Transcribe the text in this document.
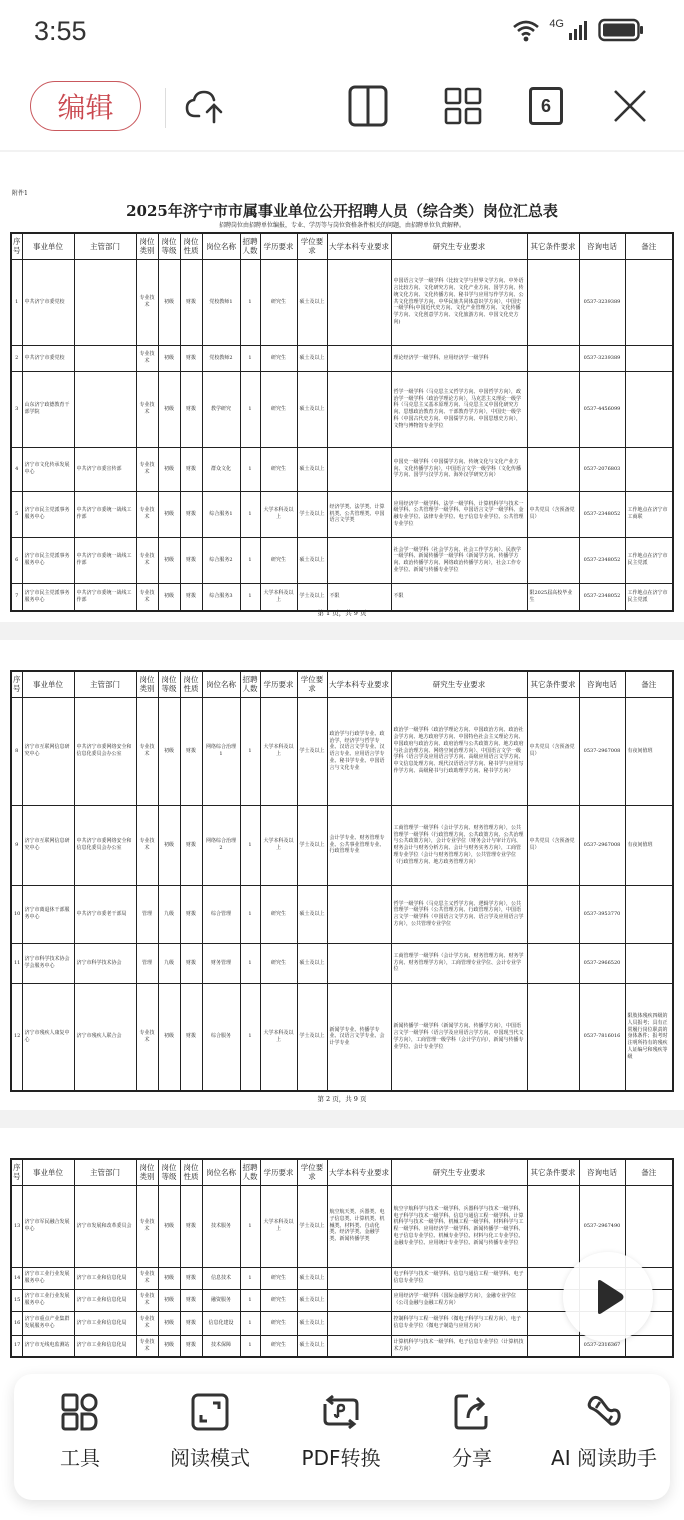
3:55	4G
编辑	6
附件1
2025年济宁市市属事业单位公开招聘人员（综合类）岗位汇总表
招聘岗位由招聘单位编报，专业、学历等与岗位资格条件相关的问题，由招聘单位负责解释。
序号	事业单位	主管部门	岗位类别	岗位等级	岗位性质	岗位名称	招聘人数	学历要求	学位要求	大学本科专业要求	研究生专业要求	其它条件要求	咨询电话	备注
1	中共济宁市委党校		专业技术	初级	财拨	党校教师1	1	研究生	硕士及以上		中国语言文学一级学科（比较文学与世界文学方向、中外语言比较方向、文化研究方向、文化产业方向、国学方向、传统文化方向、文化传播方向、秘书学与应用写作学方向、公共文化管理学方向、中华民族共同体意识学方向），中国史一级学科(中国近代史方向、文化产业管理方向、文化传播学方向、文化创意学方向、文化旅游方向、中国文化史方向)		0537-3239389	
2	中共济宁市委党校		专业技术	初级	财拨	党校教师2	1	研究生	硕士及以上		理论经济学一级学科、应用经济学一级学科		0537-3239389	
3	山东济宁政德教育干部学院		专业技术	初级	财拨	教学研究	1	研究生	硕士及以上		哲学一级学科（马克思主义哲学方向、中国哲学方向），政治学一级学科（政治学理论方向），马克思主义理论一级学科（马克思主义基本原理方向、马克思主义中国化研究方向、思想政治教育方向、干部教育学方向），中国史一级学科（中国古代史方向、中国儒学方向、中国思想史方向），文物与博物馆专业学位		0537-4456099	
4	济宁市文化传承发展中心	中共济宁市委宣传部	专业技术	初级	财拨	群众文化	1	研究生	硕士及以上		中国史一级学科（中国儒学方向、传统文化与文化产业方向、文化传播学方向），中国语言文学一级学科（文化传播学方向、国学与汉学方向、海外汉学研究方向）		0537-2076803	
5	济宁市民主党派事务服务中心	中共济宁市委统一战线工作部	专业技术	初级	财拨	综合服务1	1	大学本科及以上	学士及以上	经济学类、法学类、计算机类、公共管理类、中国语言文学类	应用经济学一级学科、法学一级学科、计算机科学与技术一级学科、公共管理学一级学科、中国语言文学一级学科、金融专业学位、法律专业学位、电子信息专业学位、公共管理专业学位	中共党员（含预备党员）	0537-2348052	工作地点在济宁市工商联
6	济宁市民主党派事务服务中心	中共济宁市委统一战线工作部	专业技术	初级	财拨	综合服务2	1	研究生	硕士及以上		社会学一级学科（社会学方向、社会工作学方向）、民族学一级学科、新闻传播学一级学科（新闻学方向、传播学方向、政治传播学方向、网络政治传播学方向），社会工作专业学位、新闻与传播专业学位		0537-2348052	工作地点在济宁市民主党派
7	济宁市民主党派事务服务中心	中共济宁市委统一战线工作部	专业技术	初级	财拨	综合服务3	1	大学本科及以上	学士及以上	不限	不限	限2025届高校毕业生	0537-2348052	工作地点在济宁市民主党派
第 1 页，共 9 页
序号	事业单位	主管部门	岗位类别	岗位等级	岗位性质	岗位名称	招聘人数	学历要求	学位要求	大学本科专业要求	研究生专业要求	其它条件要求	咨询电话	备注
8	济宁市互联网信息研究中心	中共济宁市委网络安全和信息化委员会办公室	专业技术	初级	财拨	网络综合治理1	1	大学本科及以上	学士及以上	政治学与行政学专业、政治学、经济学与哲学专业、汉语言文学专业、汉语言专业、应用语言学专业、秘书学专业、中国语言与文化专业	政治学一级学科（政治学理论方向、中国政治方向、政治社会学方向、地方政府学方向、中国特色社会主义理论方向、中国政府与政治方向、政府治理与公共政策方向、地方政府与社会治理方向、网络空间治理方向）、中国语言文学一级学科（语言学及应用语言学方向、高级应用语言文学方向、中文信息处理方向、现代汉语语言学方向、秘书学与应用写作学方向、高级秘书与行政助理学方向、秘书学方向）	中共党员（含预备党员）	0537-2967008	有夜间值班
9	济宁市互联网信息研究中心	中共济宁市委网络安全和信息化委员会办公室	专业技术	初级	财拨	网络综合治理2	1	大学本科及以上	学士及以上	会计学专业、财务管理专业、公共事业管理专业、行政管理专业	工商管理学一级学科（会计学方向、财务管理方向），公共管理学一级学科（行政管理方向、公共政策方向、公共治理与公共政策方向），会计专业学位（财务会计与审计方向、财务会计与财务分析方向、会计与财务实务方向），工商管理专业学位（会计与财务管理方向），公共管理专业学位（行政管理方向、地方政务管理方向）	中共党员（含预备党员）	0537-2967008	有夜间值班
10	济宁市离退休干部服务中心	中共济宁市委老干部局	管理	九级	财拨	综合管理	1	研究生	硕士及以上		哲学一级学科（马克思主义哲学方向、逻辑学方向），公共管理学一级学科（公共管理方向、行政管理方向），中国语言文学一级学科（中国语言文学方向、语言学及应用语言学方向），公共管理专业学位		0537-3953770	
11	济宁市科学技术协会学会服务中心	济宁市科学技术协会	管理	九级	财拨	财务管理	1	研究生	硕士及以上		工商管理学一级学科（会计学方向、财务管理方向、财务学方向、财务管理学方向），工商管理专业学位、会计专业学位		0537-2966520	
12	济宁市残疾人康复中心	济宁市残疾人联合会	专业技术	初级	财拨	综合服务	1	大学本科及以上	学士及以上	新闻学专业、传播学专业、汉语言文学专业、会计学专业	新闻传播学一级学科（新闻学方向、传播学方向），中国语言文学一级学科（语言学及应用语言学方向、中国现当代文学方向），工商管理一级学科（会计学方向），新闻与传播专业学位、会计专业学位		0537-7816016	限肢体残疾四级的人员报考；具有正常履行岗位职责的身体条件；报考时注明所持有的残疾人证编号和残疾等级
第 2 页，共 9 页
序号	事业单位	主管部门	岗位类别	岗位等级	岗位性质	岗位名称	招聘人数	学历要求	学位要求	大学本科专业要求	研究生专业要求	其它条件要求	咨询电话	备注
13	济宁市军民融合发展中心	济宁市发展和改革委员会	专业技术	初级	财拨	技术服务	1	大学本科及以上	学士及以上	航空航天类、兵器类、电子信息类、计算机类、机械类、材料类、自动化类、经济学类、金融学类、新闻传播学类	航空宇航科学与技术一级学科、兵器科学与技术一级学科、电子科学与技术一级学科、信息与通信工程一级学科、计算机科学与技术一级学科、机械工程一级学科、材料科学与工程一级学科、应用经济学一级学科、新闻传播学一级学科、电子信息专业学位、机械专业学位、材料与化工专业学位、金融专业学位、应用统计专业学位、新闻与传播专业学位		0537-2967490	
14	济宁市工业行业发展服务中心	济宁市工业和信息化局	专业技术	初级	财拨	信息技术	1	研究生	硕士及以上		电子科学与技术一级学科、信息与通信工程一级学科、电子信息专业学位			
15	济宁市工业行业发展服务中心	济宁市工业和信息化局	专业技术	初级	财拨	融资服务	1	研究生	硕士及以上		应用经济学一级学科（国际金融学方向），金融专业学位（公司金融与金融工程方向）			
16	济宁市重点产业集群发展服务中心	济宁市工业和信息化局	专业技术	初级	财拨	信息化建设	1	研究生	硕士及以上		控制科学与工程一级学科（微电子科学与工程方向），电子信息专业学位（微电子制造与应用方向）			
17	济宁市无线电监测站	济宁市工业和信息化局	专业技术	初级	财拨	技术保障	1	研究生	硕士及以上		计算机科学与技术一级学科、电子信息专业学位（计算机技术方向）		0537-2316367	
工具	阅读模式	PDF转换	分享	AI 阅读助手
